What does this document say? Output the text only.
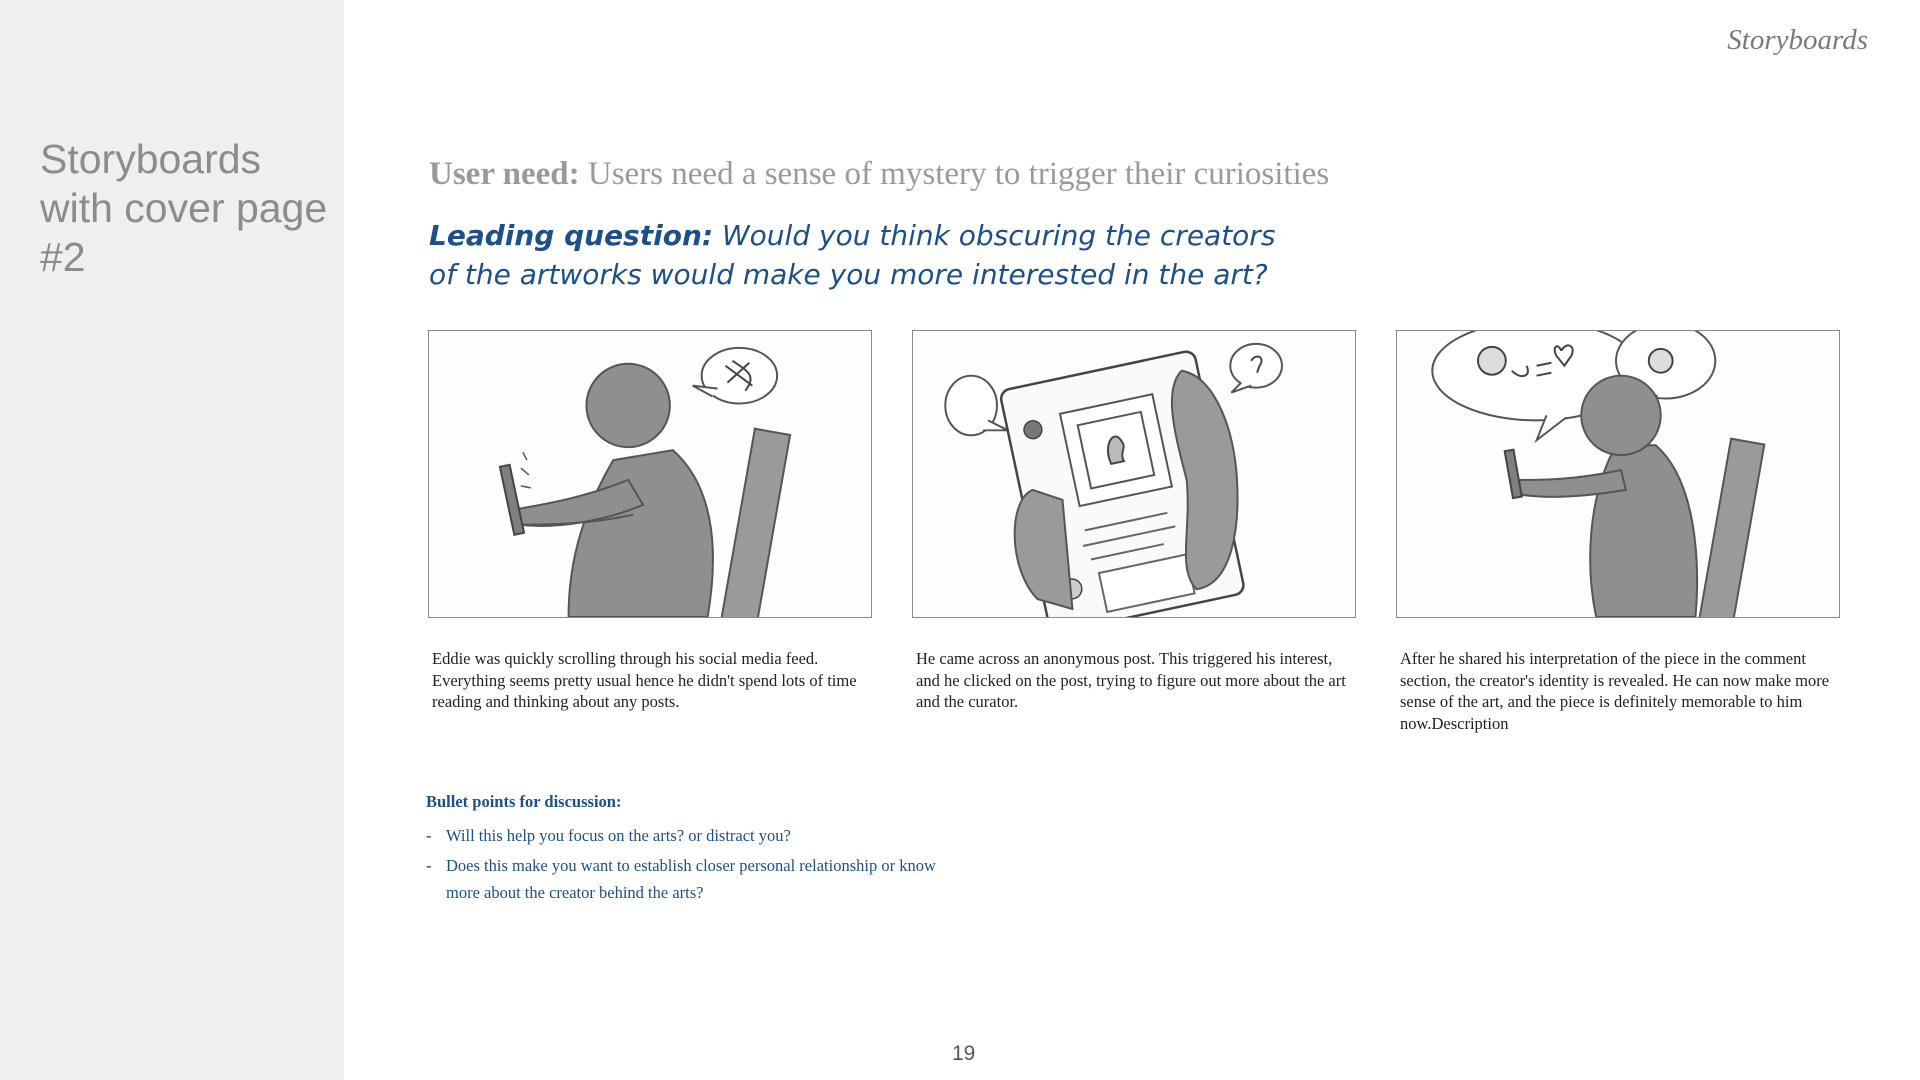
Storyboards with cover page #2
Storyboards
User need: Users need a sense of mystery to trigger their curiosities
Leading question: Would you think obscuring the creators
of the artworks would make you more interested in the art?
Eddie was quickly scrolling through his social media feed. Everything seems pretty usual hence he didn't spend lots of time reading and thinking about any posts.
He came across an anonymous post. This triggered his interest, and he clicked on the post, trying to figure out more about the art and the curator.
After he shared his interpretation of the piece in the comment section, the creator's identity is revealed. He can now make more sense of the art, and the piece is definitely memorable to him now.Description
Bullet points for discussion:
- Will this help you focus on the arts? or distract you?
- Does this make you want to establish closer personal relationship or know more about the creator behind the arts?
19
